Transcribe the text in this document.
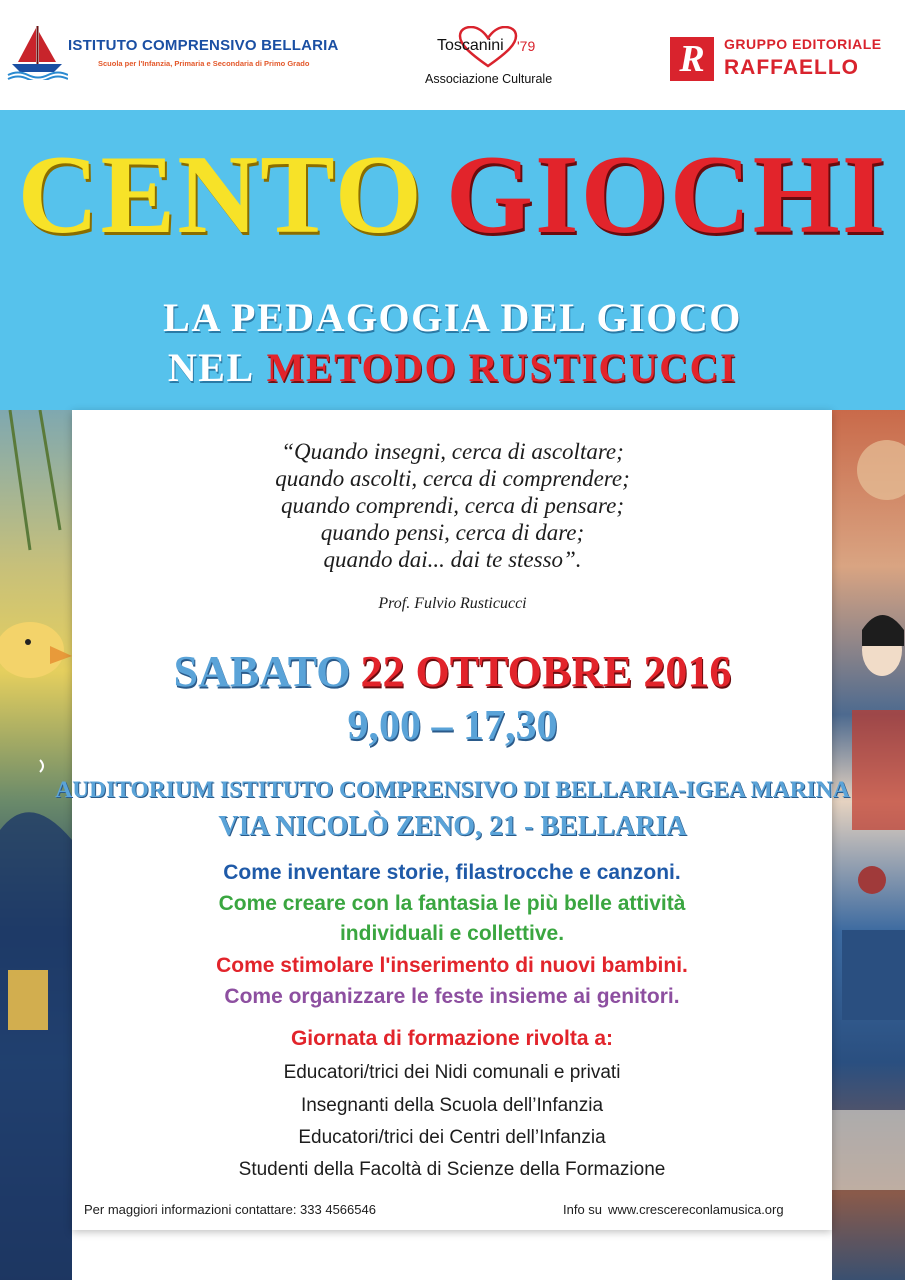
ISTITUTO COMPRENSIVO BELLARIA
Scuola per l'Infanzia, Primaria e Secondaria di Primo Grado
Toscanini '79
Associazione Culturale	R	GRUPPO EDITORIALE
RAFFAELLO
CENTO GIOCHI
LA PEDAGOGIA DEL GIOCO
NEL METODO RUSTICUCCI
“Quando insegni, cerca di ascoltare;
quando ascolti, cerca di comprendere;
quando comprendi, cerca di pensare;
quando pensi, cerca di dare;
quando dai... dai te stesso”.
Prof. Fulvio Rusticucci
SABATO 22 OTTOBRE 2016
9,00 – 17,30
AUDITORIUM ISTITUTO COMPRENSIVO DI BELLARIA-IGEA MARINA
VIA NICOLÒ ZENO, 21 - BELLARIA
Come inventare storie, filastrocche e canzoni.
Come creare con la fantasia le più belle attività
individuali e collettive.
Come stimolare l'inserimento di nuovi bambini.
Come organizzare le feste insieme ai genitori.
Giornata di formazione rivolta a:
Educatori/trici dei Nidi comunali e privati
Insegnanti della Scuola dell’Infanzia
Educatori/trici dei Centri dell’Infanzia
Studenti della Facoltà di Scienze della Formazione
Per maggiori informazioni contattare: 333 4566546	Info su www.crescereconlamusica.org
